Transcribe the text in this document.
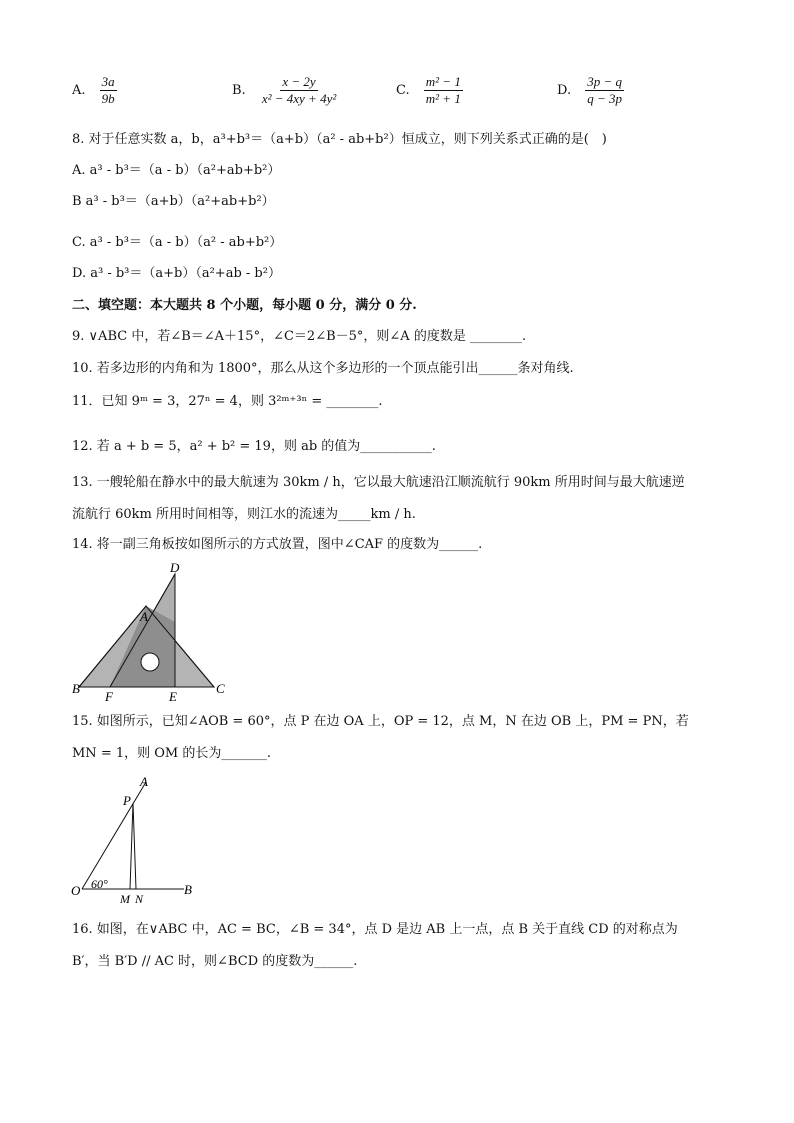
A. $\frac{3a}{9b}$	B. $\frac{x - 2y}{\text{x² − 4xy + 4y²}}$	C. $\frac{\text{m² − 1}}{\text{m² + 1}}$	D. $\frac{3p - q}{q - 3p}$
8. 对于任意实数 a，b，a³+b³＝（a+b）（a² - ab+b²）恒成立，则下列关系式正确的是(　)
A. a³ - b³＝（a - b）（a²+ab+b²）
B a³ - b³＝（a+b）（a²+ab+b²）
C. a³ - b³＝（a - b）（a² - ab+b²）
D. a³ - b³＝（a+b）（a²+ab - b²）
二、填空题：本大题共 8 个小题，每小题 0 分，满分 0 分.
9. ∨ABC 中，若∠B＝∠A＋15°，∠C＝2∠B－5°，则∠A 的度数是 ________.
10. 若多边形的内角和为 1800°，那么从这个多边形的一个顶点能引出______条对角线.
11．已知 9ᵐ = 3，27ⁿ = 4，则 3²ᵐ⁺³ⁿ = ________.
12. 若 a + b = 5，a² + b² = 19，则 ab 的值为___________.
13. 一艘轮船在静水中的最大航速为 30km / h，它以最大航速沿江顺流航行 90km 所用时间与最大航速逆
流航行 60km 所用时间相等，则江水的流速为_____km / h.
14. 将一副三角板按如图所示的方式放置，图中∠CAF 的度数为______.
D
A
B
F	E
C
15. 如图所示，已知∠AOB = 60°，点 P 在边 OA 上，OP = 12，点 M，N 在边 OB 上，PM = PN，若
MN = 1，则 OM 的长为_______.
A
P
O 60°
M N
B
16. 如图，在∨ABC 中，AC = BC，∠B = 34°，点 D 是边 AB 上一点，点 B 关于直线 CD 的对称点为
B′，当 B′D // AC 时，则∠BCD 的度数为______.
